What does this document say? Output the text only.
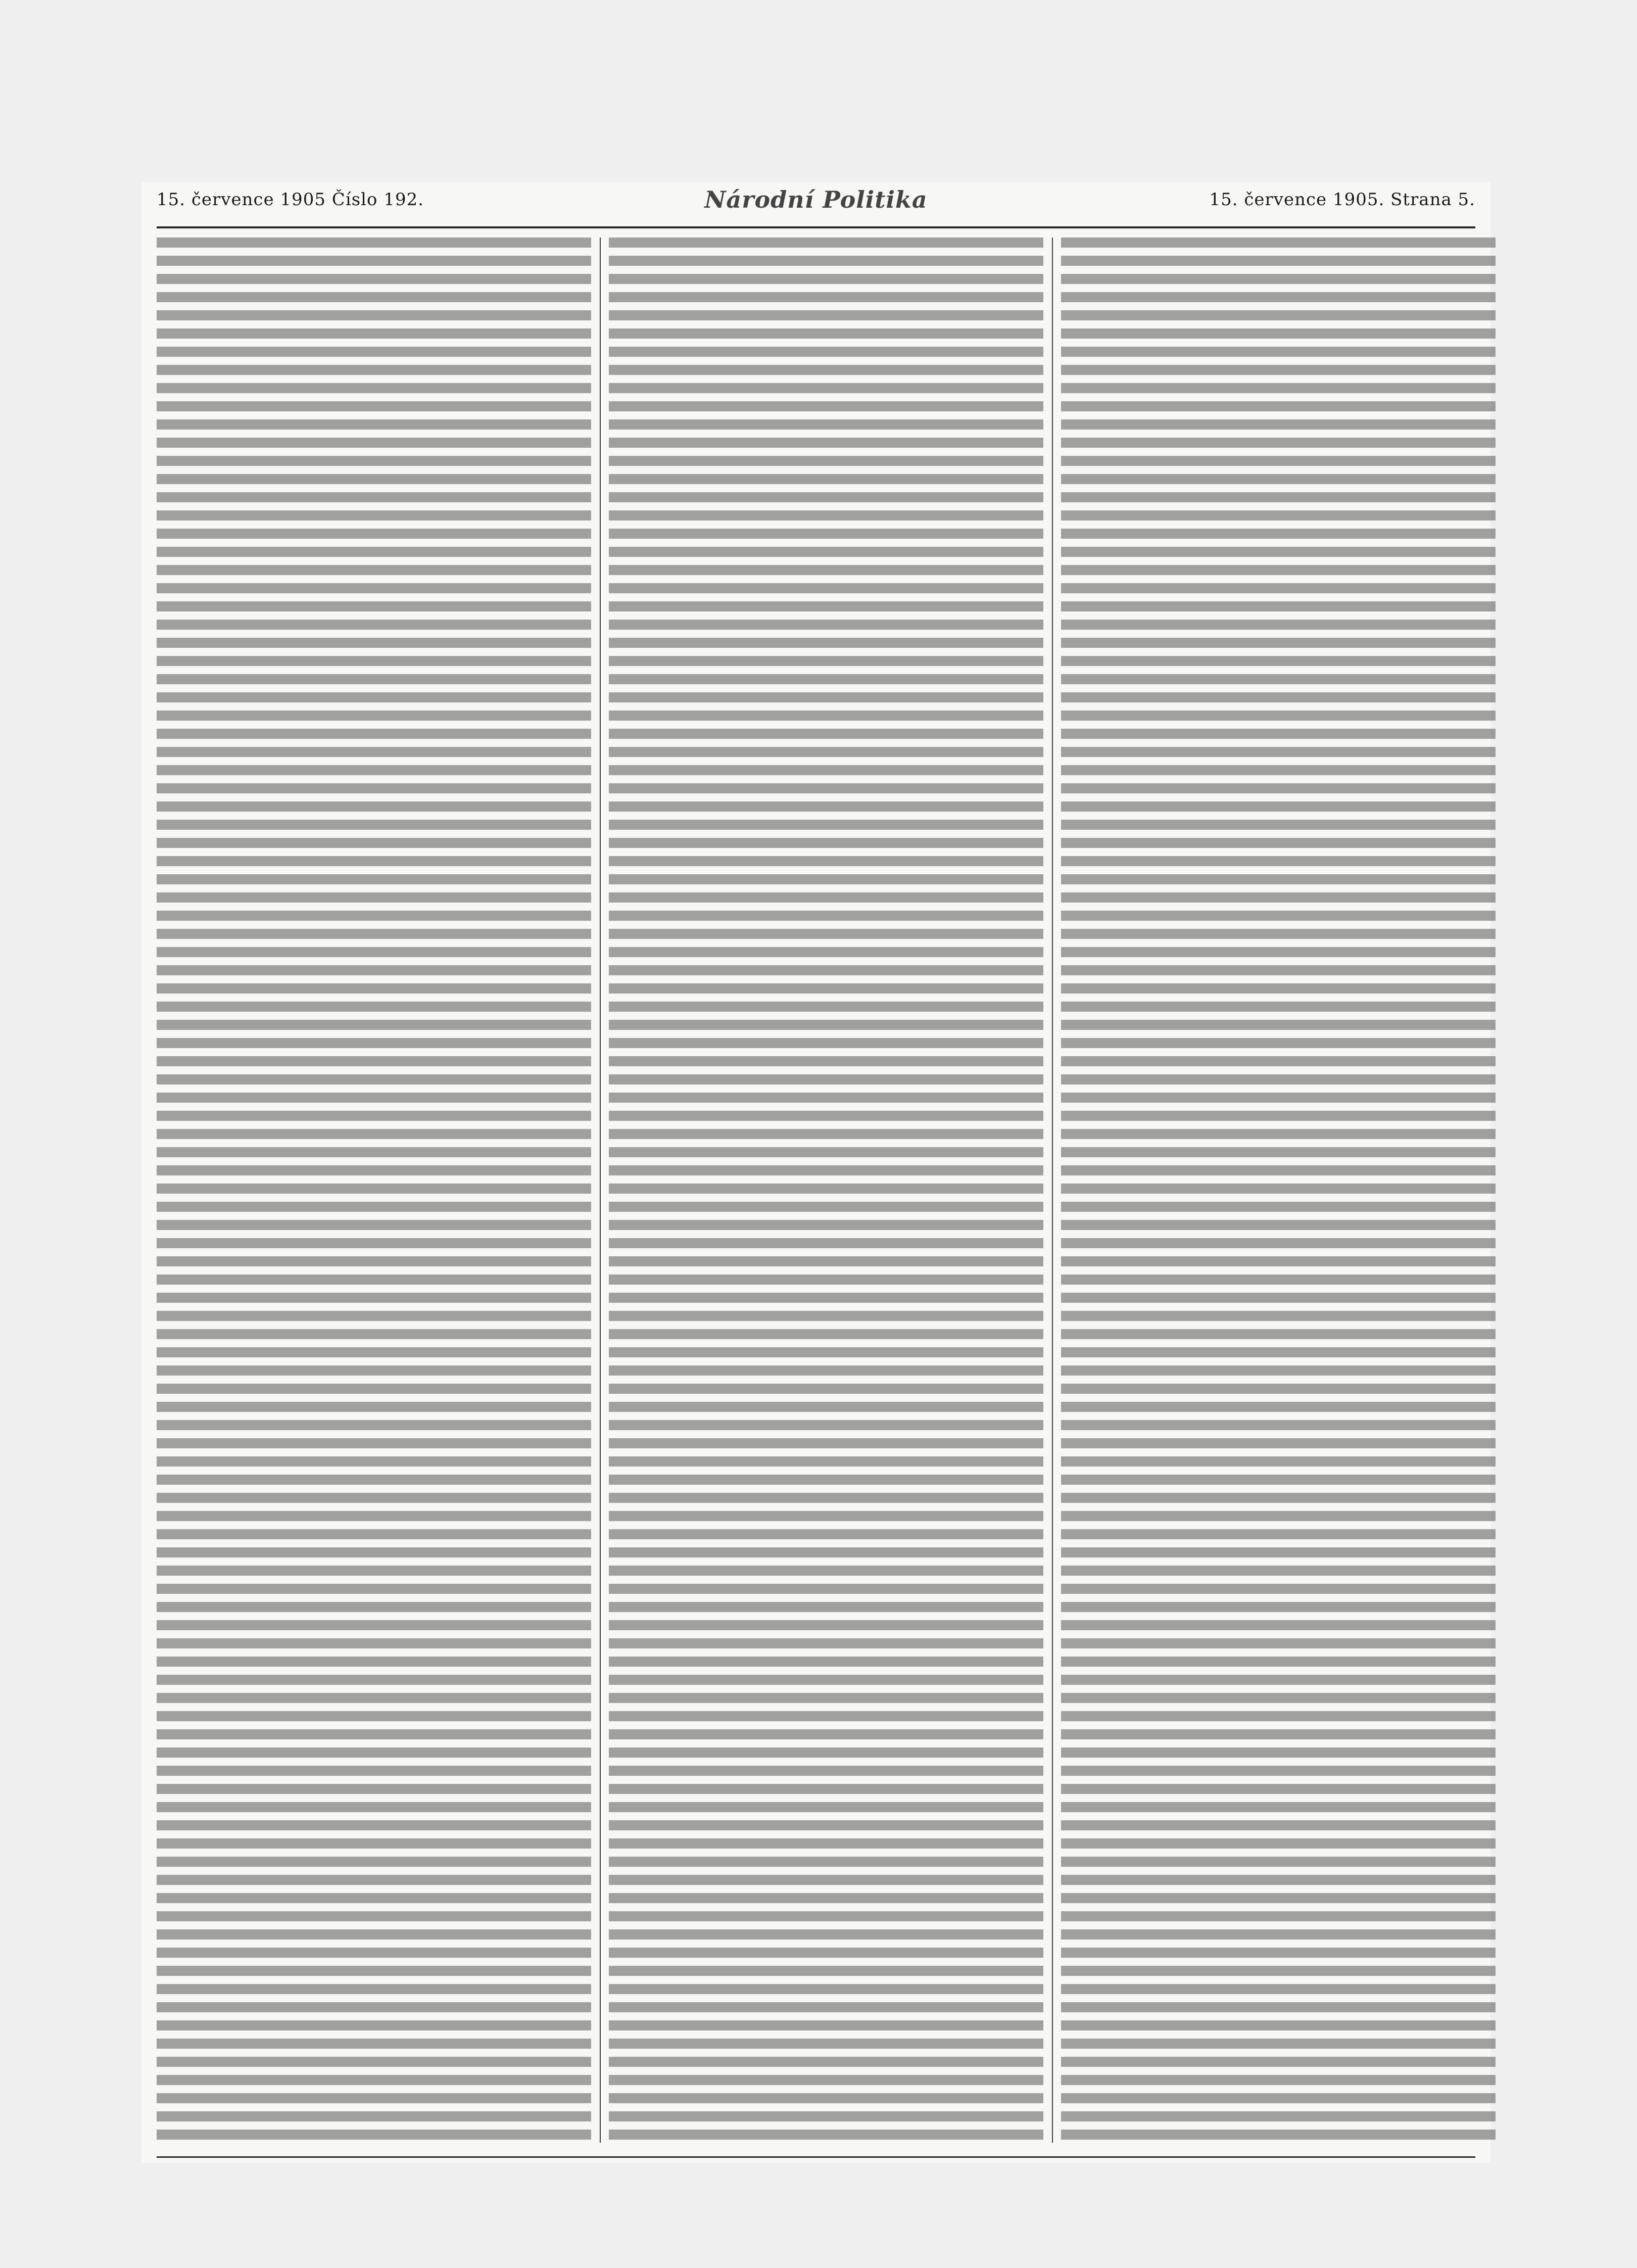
15. července 1905 Číslo 192.	Národní Politika	15. července 1905. Strana 5.
